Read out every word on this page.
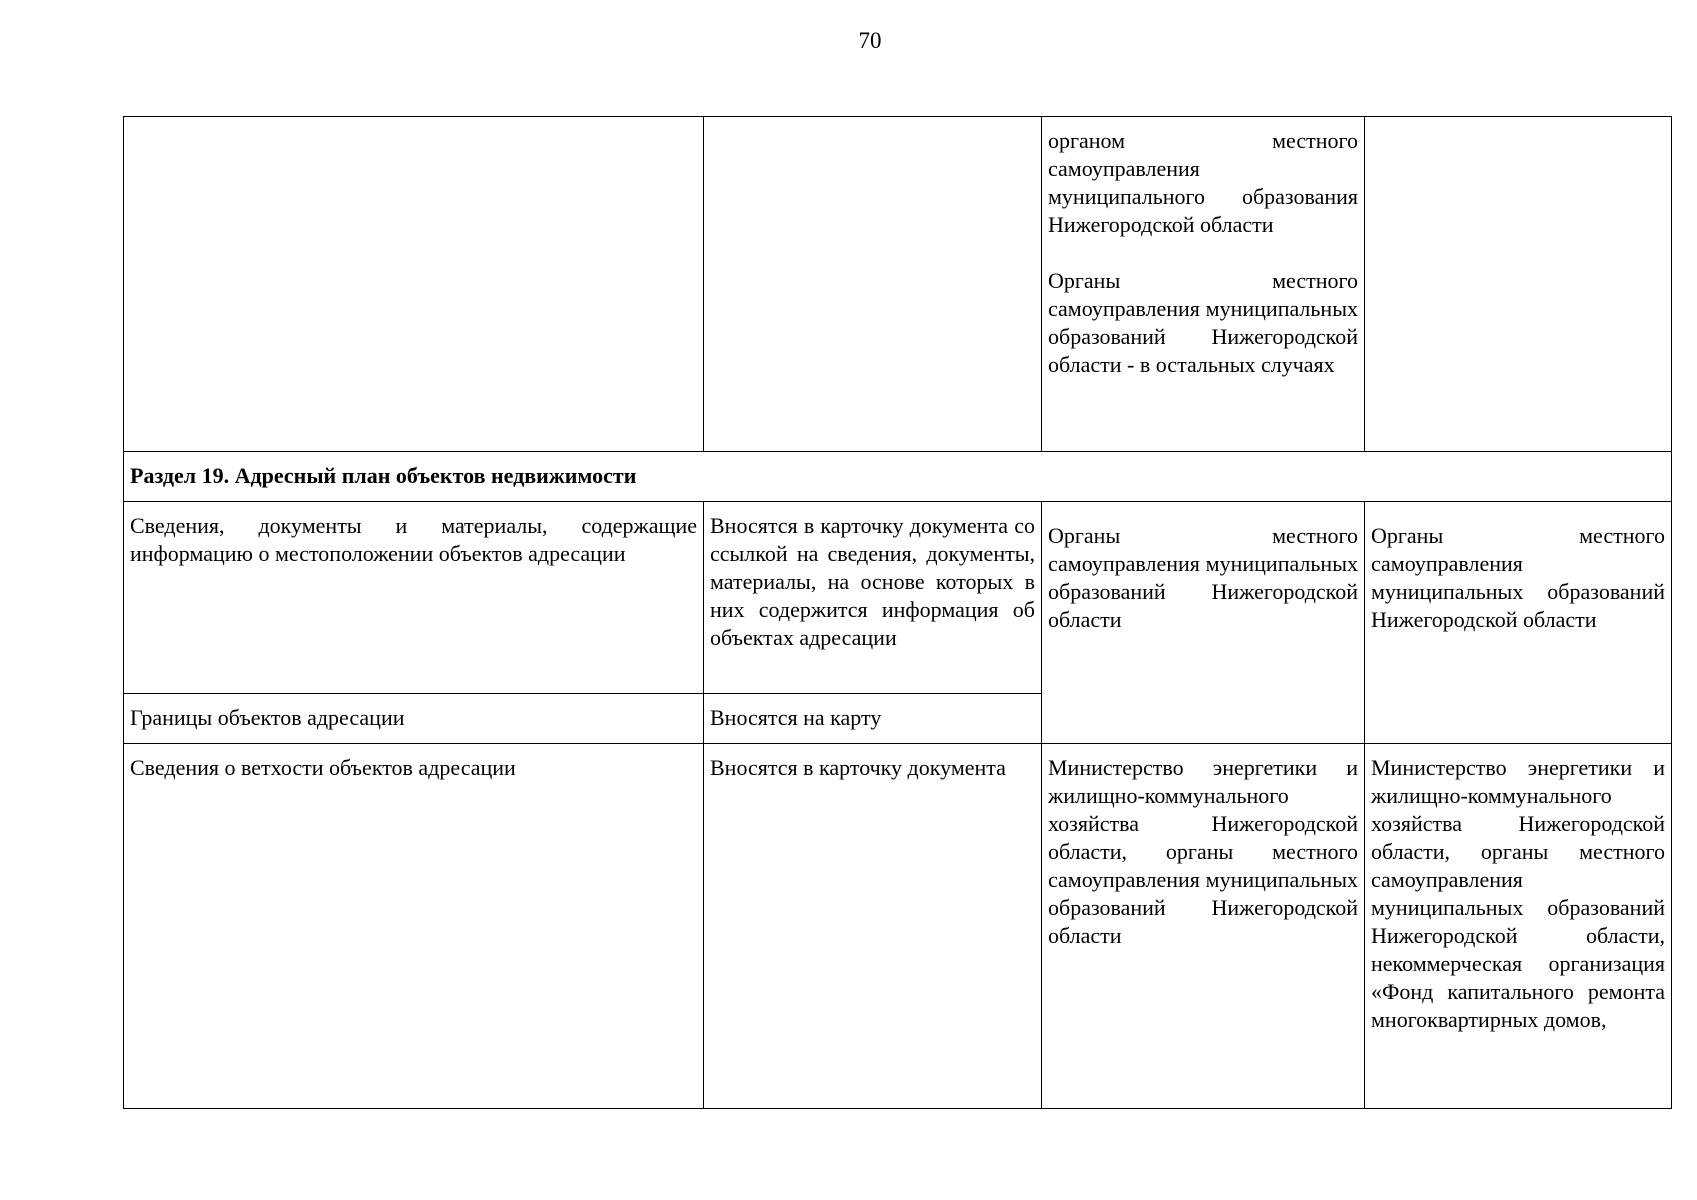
70

		органом местного самоуправления муниципального образования Нижегородской области
Органы местного самоуправления муниципальных образований Нижегородской области - в остальных случаях	

Раздел 19. Адресный план объектов недвижимости			
Сведения, документы и материалы, содержащие информацию о местоположении объектов адресации	Вносятся в карточку документа со ссылкой на сведения, документы, материалы, на основе которых в них содержится информация об объектах адресации	Органы местного самоуправления муниципальных образований Нижегородской области	Органы местного самоуправления муниципальных образований Нижегородской области
Границы объектов адресации	Вносятся на карту		
Сведения о ветхости объектов адресации	Вносятся в карточку документа	Министерство энергетики и жилищно-коммунального хозяйства Нижегородской области, органы местного самоуправления муниципальных образований Нижегородской области	Министерство энергетики и жилищно-коммунального хозяйства Нижегородской области, органы местного самоуправления муниципальных образований Нижегородской области, некоммерческая организация «Фонд капитального ремонта многоквартирных домов,
